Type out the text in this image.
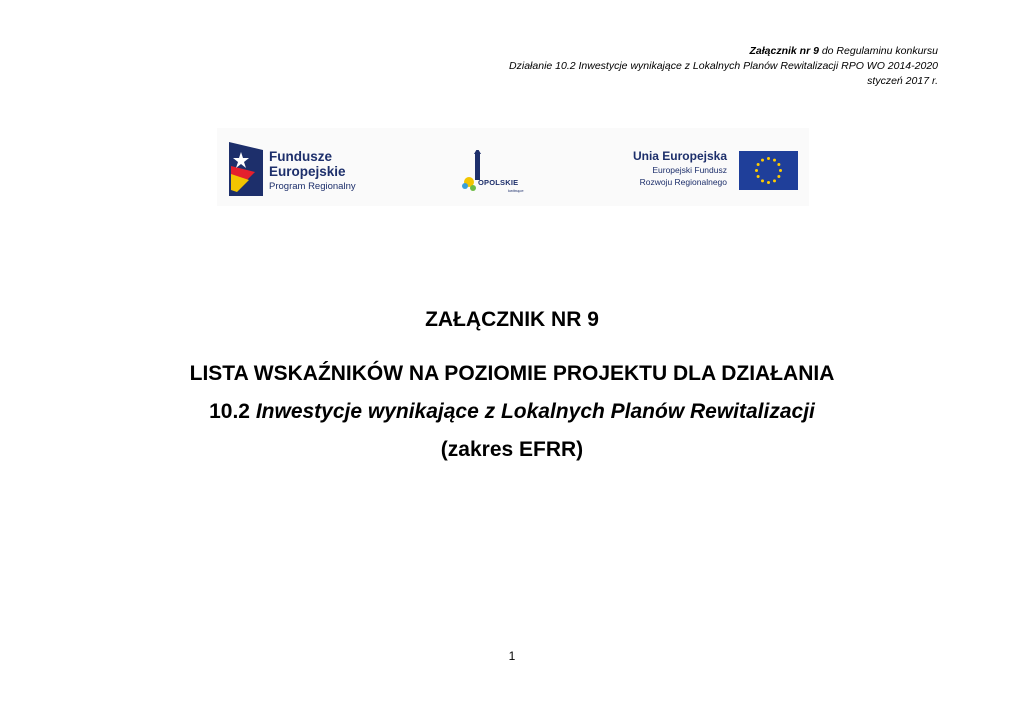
Załącznik nr 9 do Regulaminu konkursu
Działanie 10.2 Inwestycje wynikające z Lokalnych Planów Rewitalizacji RPO WO 2014-2020
styczeń 2017 r.
Fundusze
Europejskie
Program Regionalny	OPOLSKIE
kwitnące
Unia Europejska
Europejski Fundusz
Rozwoju Regionalnego
ZAŁĄCZNIK NR 9
LISTA WSKAŹNIKÓW NA POZIOMIE PROJEKTU DLA DZIAŁANIA
10.2 Inwestycje wynikające z Lokalnych Planów Rewitalizacji
(zakres EFRR)
1
